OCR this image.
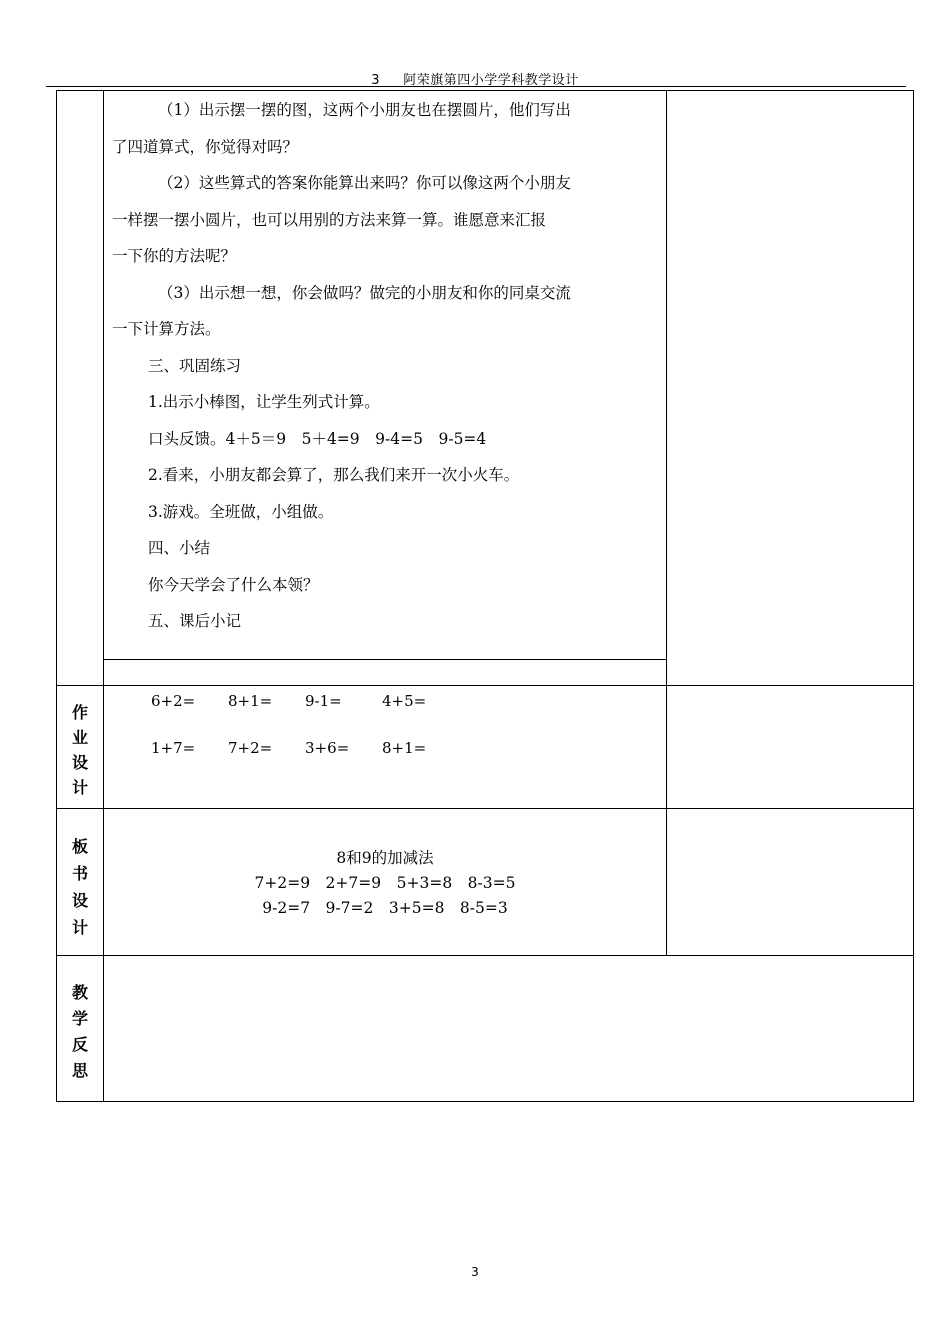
3 阿荣旗第四小学学科教学设计

（1）出示摆一摆的图，这两个小朋友也在摆圆片，他们写出

了四道算式，你觉得对吗？

（2）这些算式的答案你能算出来吗？你可以像这两个小朋友

一样摆一摆小圆片，也可以用别的方法来算一算。谁愿意来汇报

一下你的方法呢？

（3）出示想一想，你会做吗？做完的小朋友和你的同桌交流

一下计算方法。

三、巩固练习

1.出示小棒图，让学生列式计算。

口头反馈。4＋5＝9　5＋4=9　9-4=5　9-5=4

2.看来，小朋友都会算了，那么我们来开一次小火车。

3.游戏。全班做，小组做。

四、小结

你今天学会了什么本领？

五、课后小记

作
业
设
计
6+2= 8+1= 9-1=	4+5=
1+7= 7+2= 3+6= 8+1=
板
书
设
计
8和9的加减法
7+2=9　2+7=9　5+3=8　8-3=5
9-2=7　9-7=2　3+5=8　8-5=3
教
学
反
思
3
